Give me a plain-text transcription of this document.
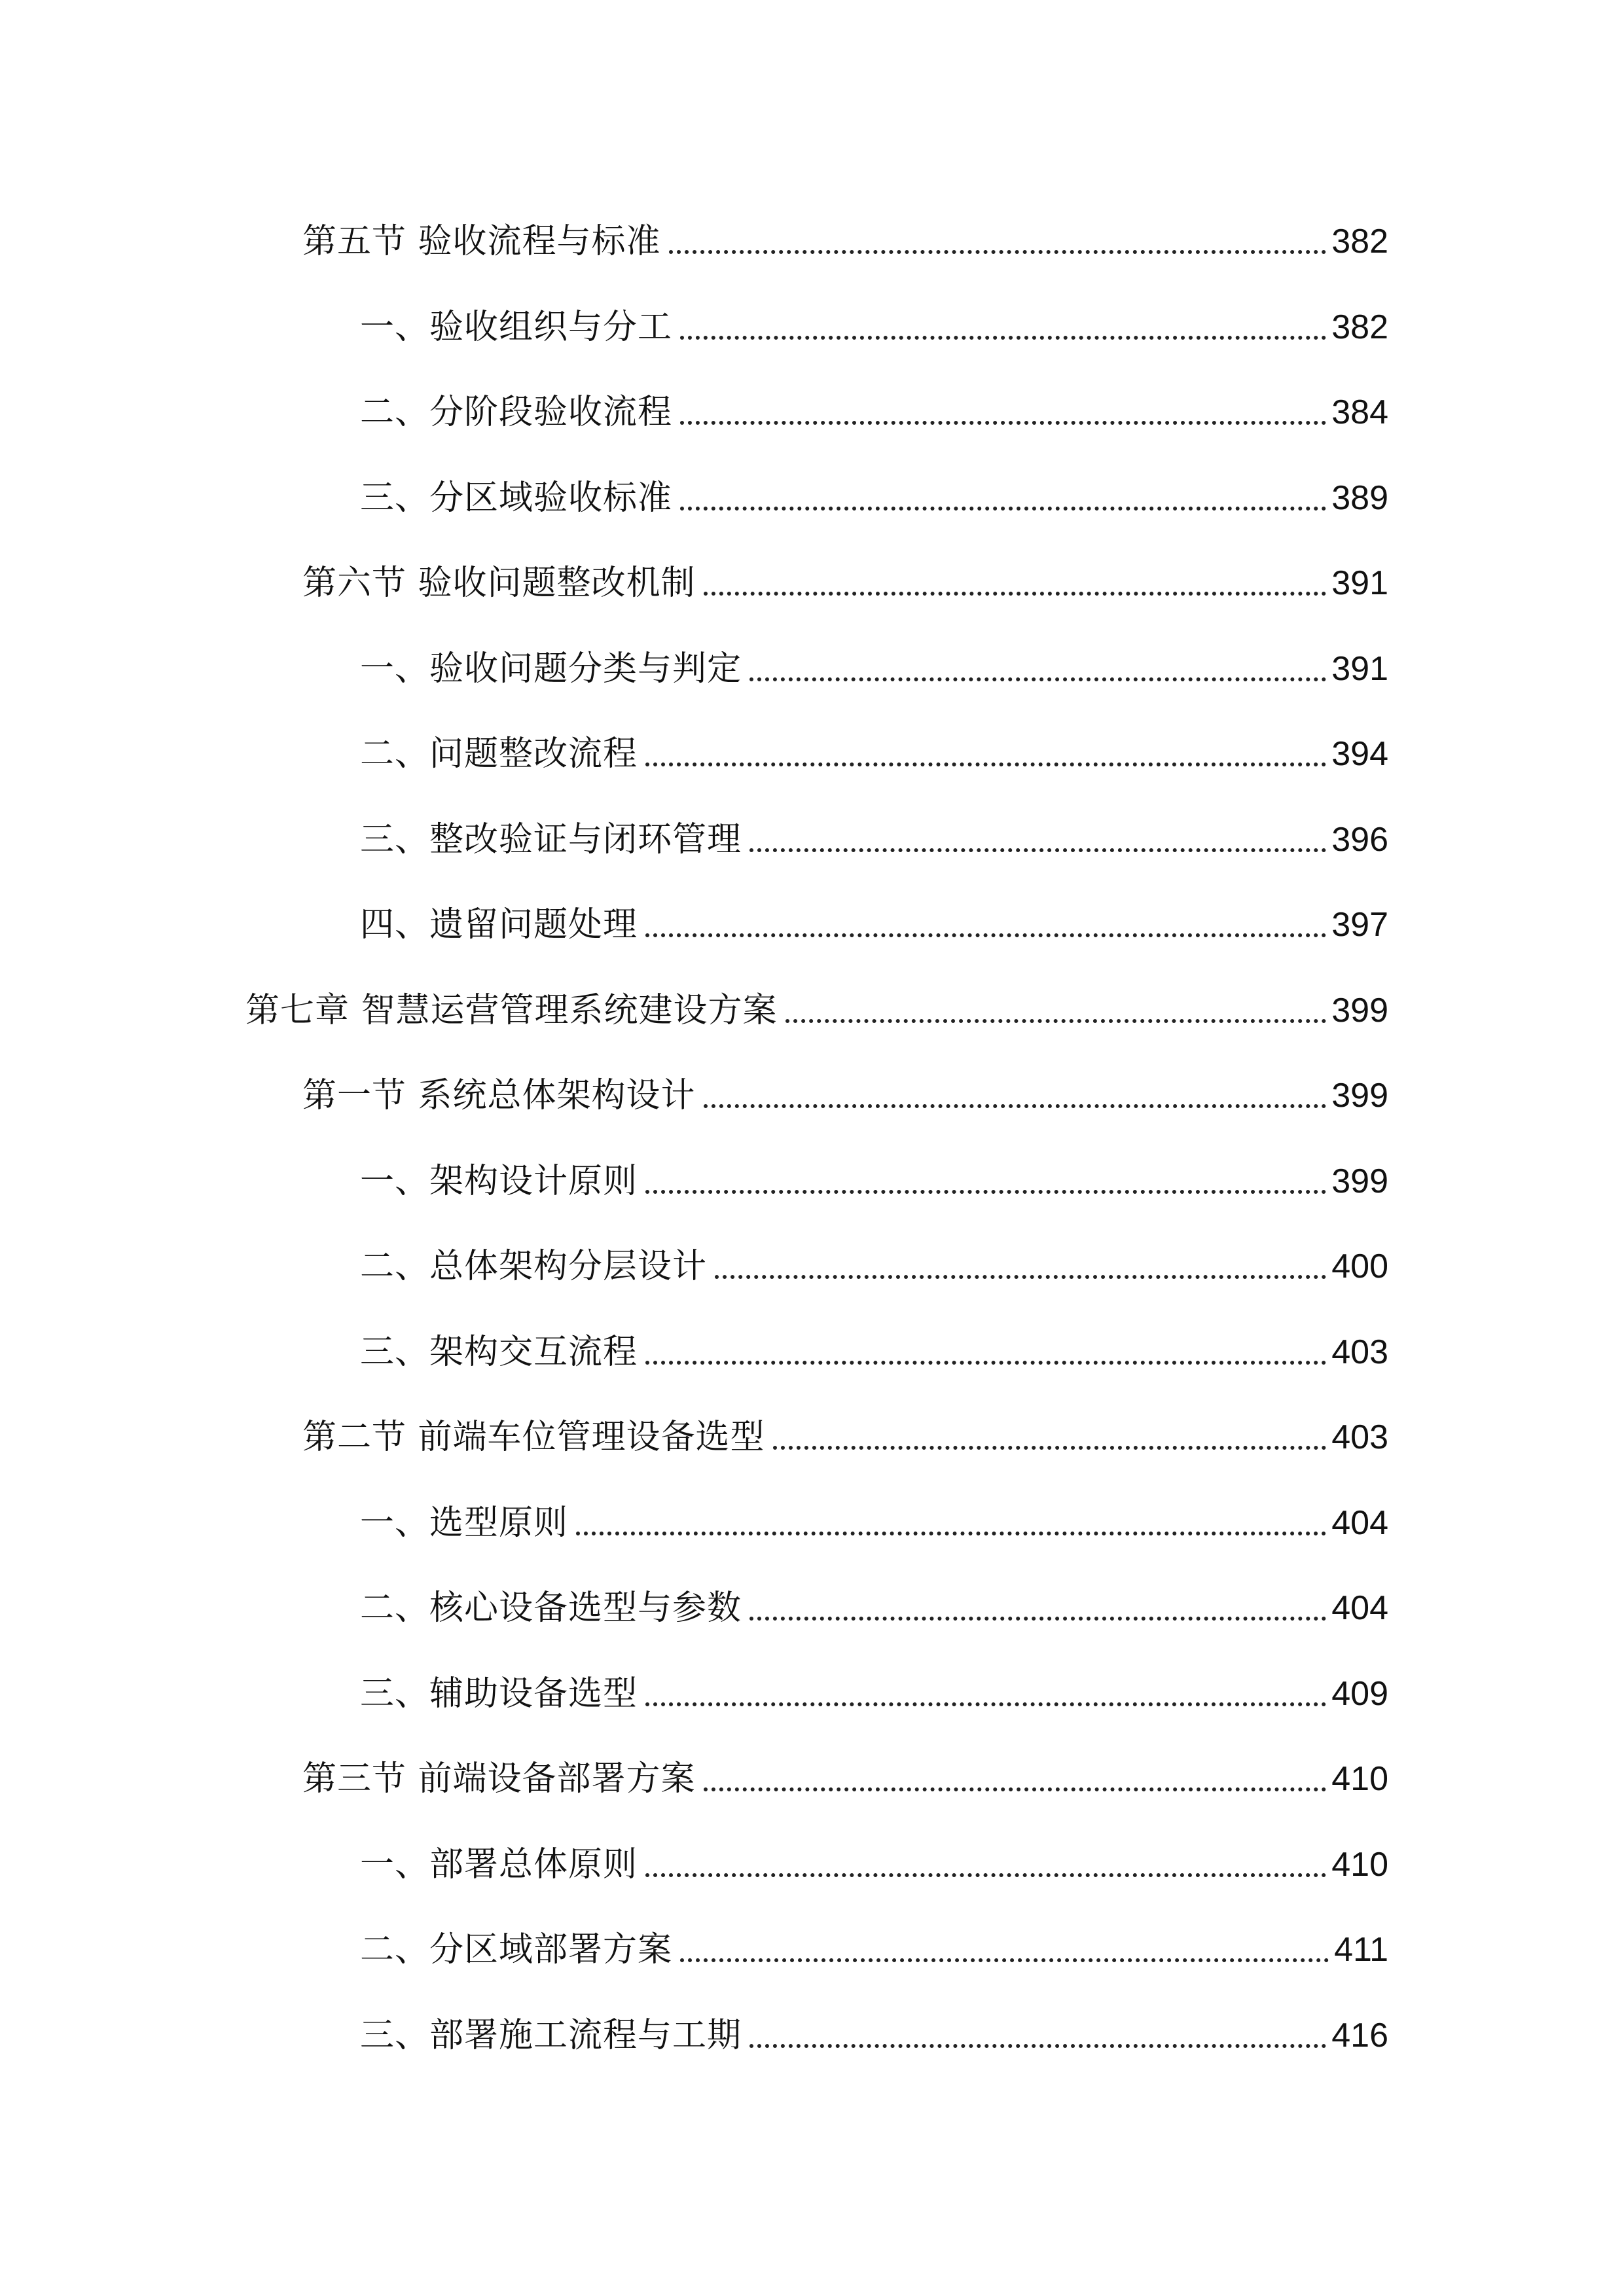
第五节 验收流程与标准	382
一、验收组织与分工	382
二、分阶段验收流程	384
三、分区域验收标准	389
第六节 验收问题整改机制	391
一、验收问题分类与判定	391
二、问题整改流程	394
三、整改验证与闭环管理	396
四、遗留问题处理	397
第七章 智慧运营管理系统建设方案	399
第一节 系统总体架构设计	399
一、架构设计原则	399
二、总体架构分层设计	400
三、架构交互流程	403
第二节 前端车位管理设备选型	403
一、选型原则	404
二、核心设备选型与参数	404
三、辅助设备选型	409
第三节 前端设备部署方案	410
一、部署总体原则	410
二、分区域部署方案	411
三、部署施工流程与工期	416
